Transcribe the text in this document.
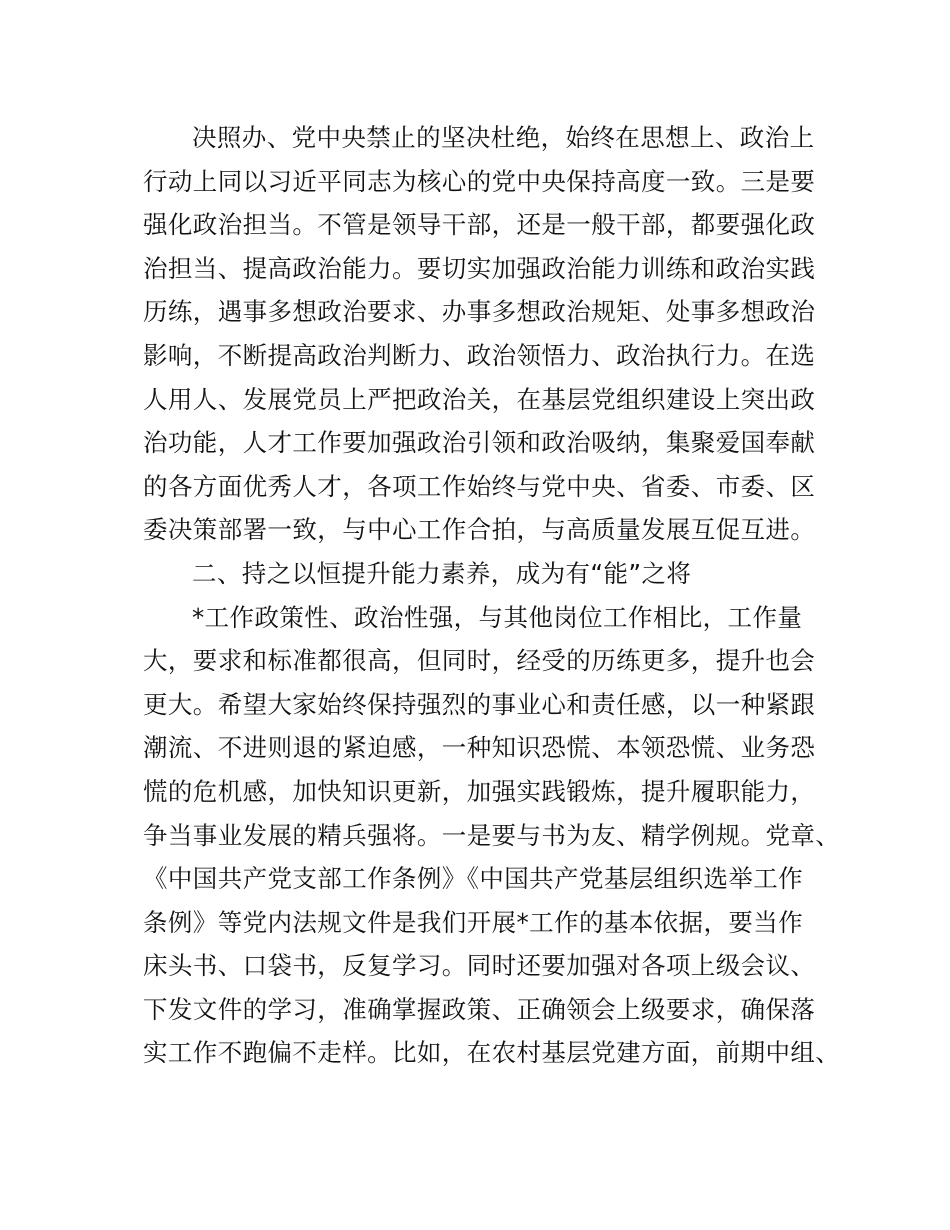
决照办、党中央禁止的坚决杜绝，始终在思想上、政治上
行动上同以习近平同志为核心的党中央保持高度一致。三是要
强化政治担当。不管是领导干部，还是一般干部，都要强化政
治担当、提高政治能力。要切实加强政治能力训练和政治实践
历练，遇事多想政治要求、办事多想政治规矩、处事多想政治
影响，不断提高政治判断力、政治领悟力、政治执行力。在选
人用人、发展党员上严把政治关，在基层党组织建设上突出政
治功能，人才工作要加强政治引领和政治吸纳，集聚爱国奉献
的各方面优秀人才，各项工作始终与党中央、省委、市委、区
委决策部署一致，与中心工作合拍，与高质量发展互促互进。
二、持之以恒提升能力素养，成为有“能”之将
*工作政策性、政治性强，与其他岗位工作相比，工作量
大，要求和标准都很高，但同时，经受的历练更多，提升也会
更大。希望大家始终保持强烈的事业心和责任感，以一种紧跟
潮流、不进则退的紧迫感，一种知识恐慌、本领恐慌、业务恐
慌的危机感，加快知识更新，加强实践锻炼，提升履职能力，
争当事业发展的精兵强将。一是要与书为友、精学例规。党章、
《中国共产党支部工作条例》《中国共产党基层组织选举工作
条例》等党内法规文件是我们开展*工作的基本依据，要当作
床头书、口袋书，反复学习。同时还要加强对各项上级会议、
下发文件的学习，准确掌握政策、正确领会上级要求，确保落
实工作不跑偏不走样。比如，在农村基层党建方面，前期中组、
